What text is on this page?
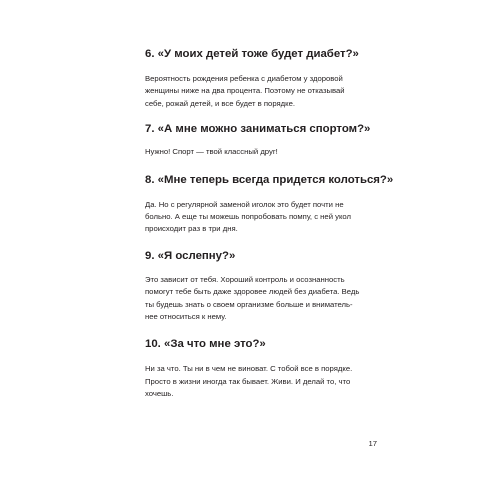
6. «У моих детей тоже будет диабет?»

Вероятность рождения ребенка с диабетом у здоровой
женщины ниже на два процента. Поэтому не отказывай
себе, рожай детей, и все будет в порядке.

7. «А мне можно заниматься спортом?»

Нужно! Спорт — твой классный друг!

8. «Мне теперь всегда придется колоться?»

Да. Но с регулярной заменой иголок это будет почти не
больно. А еще ты можешь попробовать помпу, с ней укол
происходит раз в три дня.

9. «Я ослепну?»

Это зависит от тебя. Хороший контроль и осознанность
помогут тебе быть даже здоровее людей без диабета. Ведь
ты будешь знать о своем организме больше и вниматель-
нее относиться к нему.

10. «За что мне это?»

Ни за что. Ты ни в чем не виноват. С тобой все в порядке.
Просто в жизни иногда так бывает. Живи. И делай то, что
хочешь.

17
